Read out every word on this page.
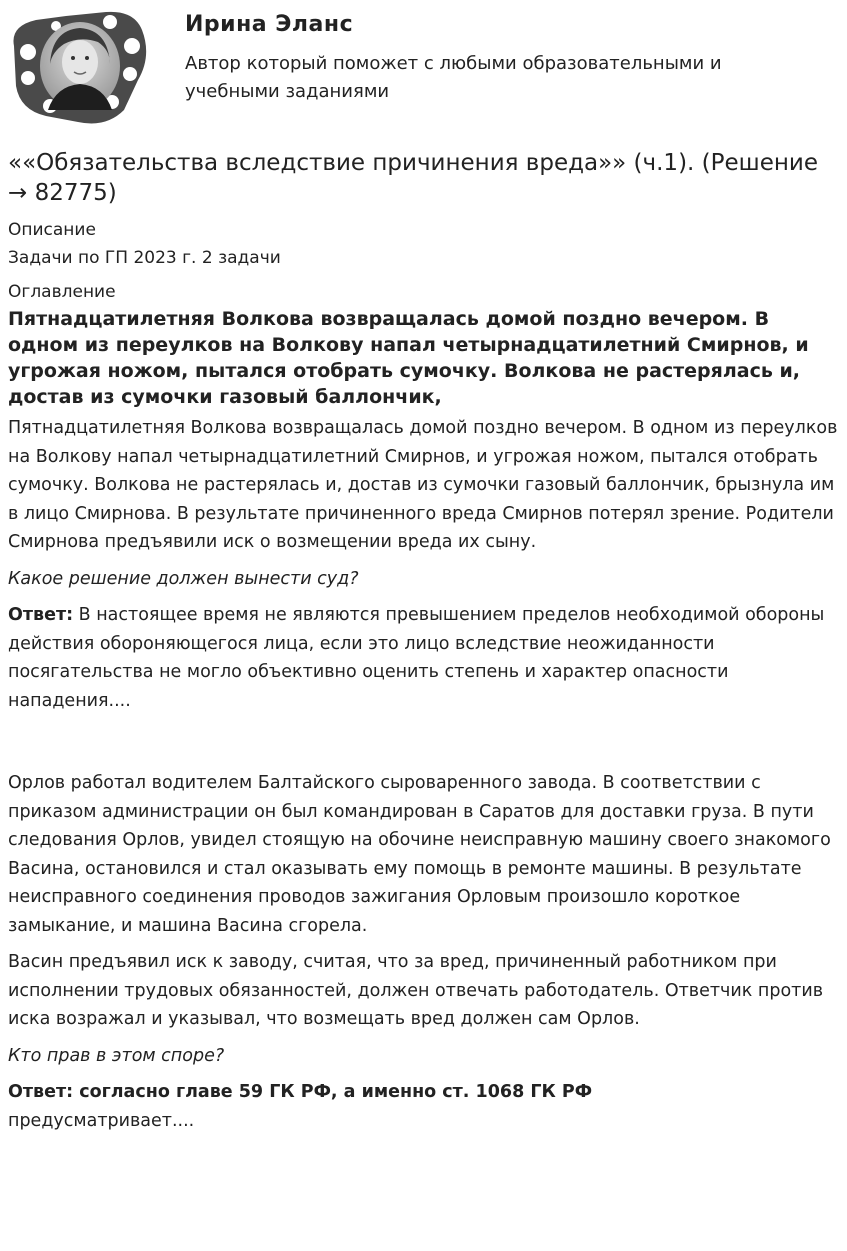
Ирина Эланс
Автор который поможет с любыми образовательными и учебными заданиями
««Обязательства вследствие причинения вреда»» (ч.1). (Решение → 82775)
Описание
Задачи по ГП 2023 г. 2 задачи
Оглавление
Пятнадцатилетняя Волкова возвращалась домой поздно вечером. В одном из переулков на Волкову напал четырнадцатилетний Смирнов, и угрожая ножом, пытался отобрать сумочку. Волкова не растерялась и, достав из сумочки газовый баллончик,

Пятнадцатилетняя Волкова возвращалась домой поздно вечером. В одном из переулков на Волкову напал четырнадцатилетний Смирнов, и угрожая ножом, пытался отобрать сумочку. Волкова не растерялась и, достав из сумочки газовый баллончик, брызнула им в лицо Смирнова. В результате причиненного вреда Смирнов потерял зрение. Родители Смирнова предъявили иск о возмещении вреда их сыну.

Какое решение должен вынести суд?

Ответ: В настоящее время не являются превышением пределов необходимой обороны действия обороняющегося лица, если это лицо вследствие неожиданности посягательства не могло объективно оценить степень и характер опасности нападения....

Орлов работал водителем Балтайского сыроваренного завода. В соответствии с приказом администрации он был командирован в Саратов для доставки груза. В пути следования Орлов, увидел стоящую на обочине неисправную машину своего знакомого Васина, остановился и стал оказывать ему помощь в ремонте машины. В результате неисправного соединения проводов зажигания Орловым произошло короткое замыкание, и машина Васина сгорела.

Васин предъявил иск к заводу, считая, что за вред, причиненный работником при исполнении трудовых обязанностей, должен отвечать работодатель. Ответчик против иска возражал и указывал, что возмещать вред должен сам Орлов.

Кто прав в этом споре?

Ответ: согласно главе 59 ГК РФ, а именно ст. 1068 ГК РФ
предусматривает....
